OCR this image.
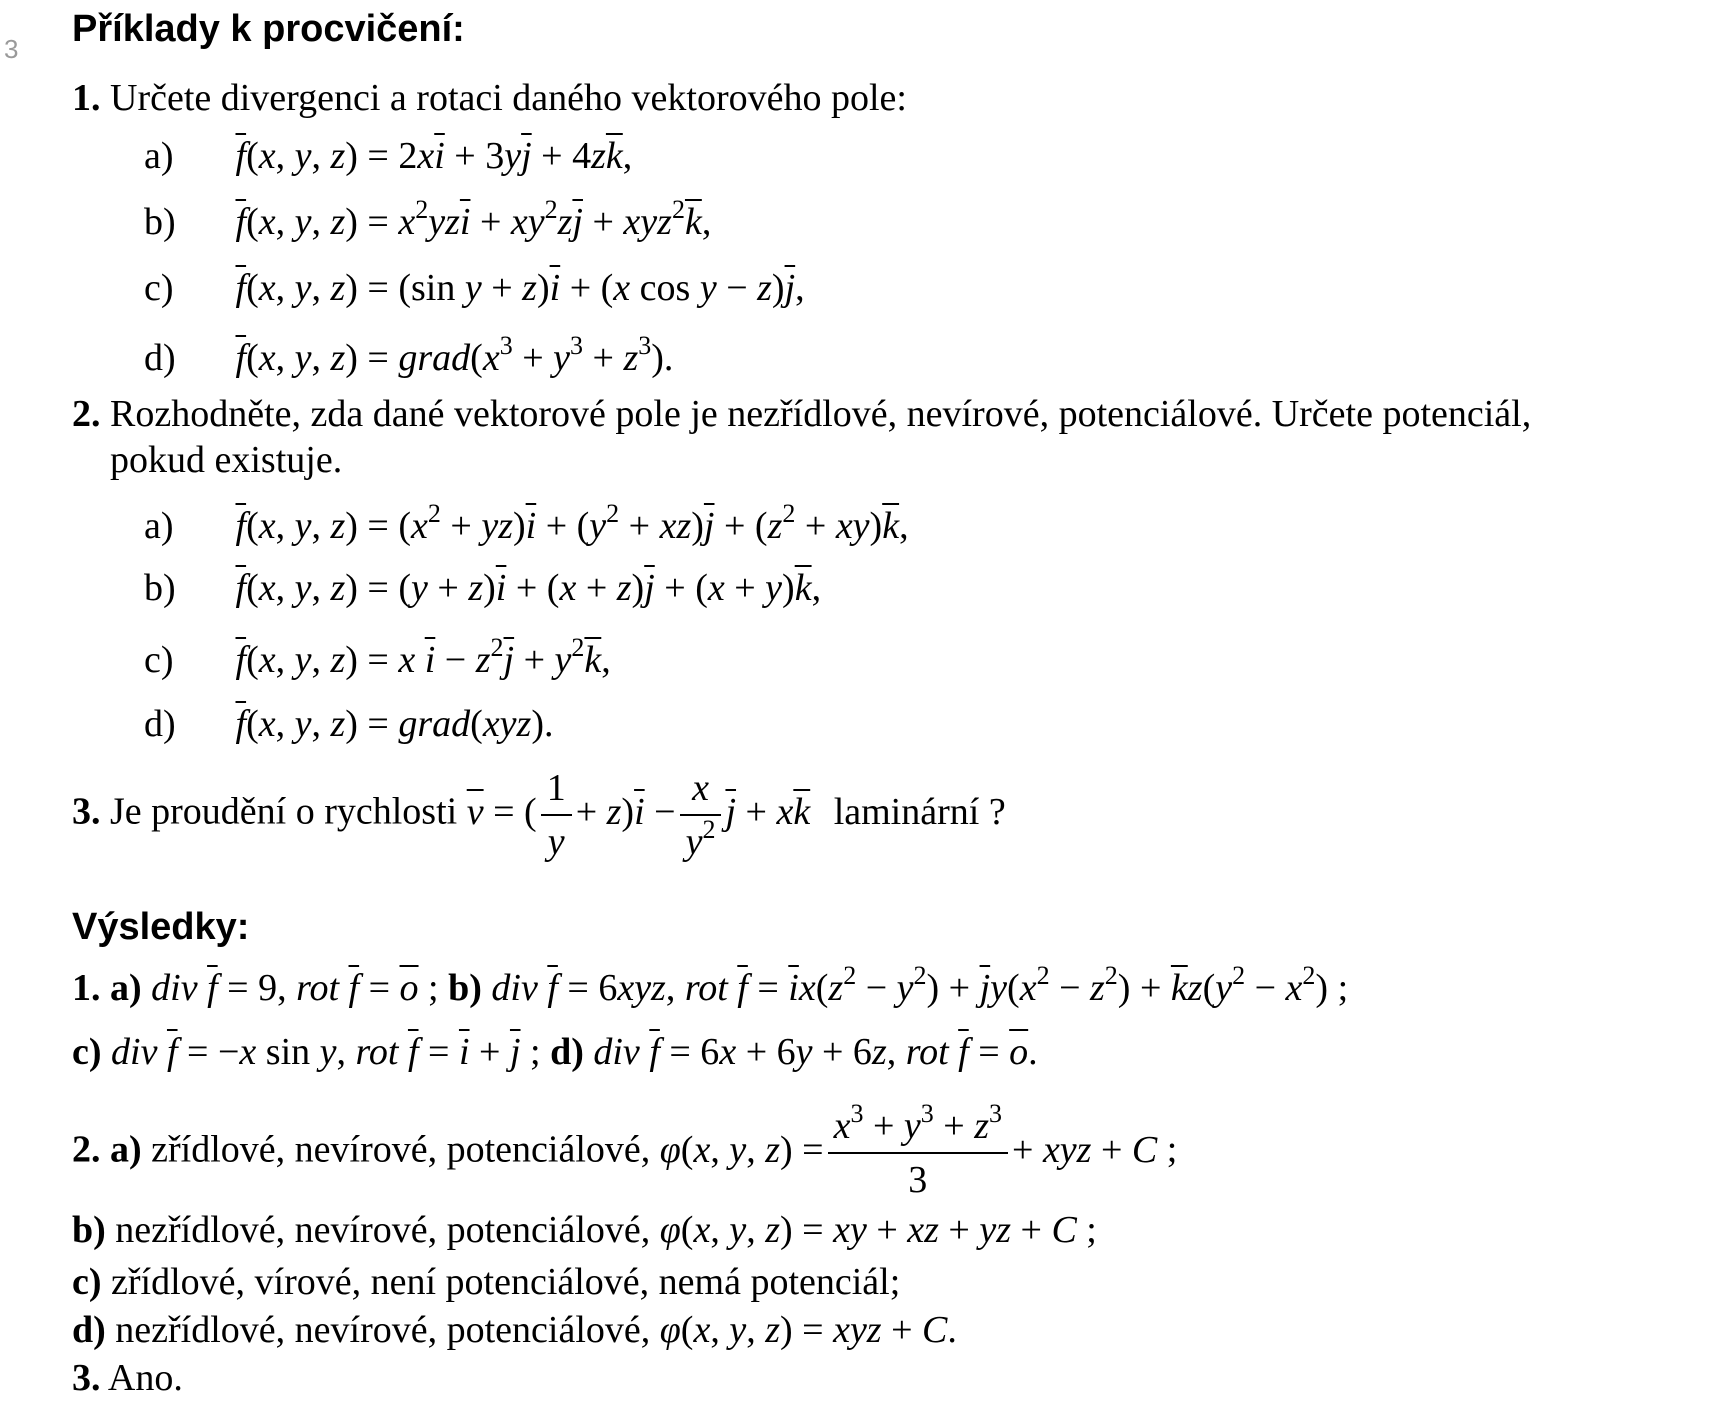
3 Příklady k procvičení:
1. Určete divergenci a rotaci daného vektorového pole:
a) $\overline{f}(x$, y, $z) = 2x\overline{i} + 3y\overline{j} + 4z\overline{k}$,
b) $\overline{f}(x$, y, $z) = x^2yz\overline{i} + xy^2z\overline{j} + xyz^2\overline{k}$,
c) $\overline{f}(x$, y, z) = (sin $y + z)\overline{i} + (x$ $\cos y - z)\overline{j}$,
d) $\overline{f}(x$, y, $z) = grad(x^3 + y^3 + z^3)$.
2. Rozhodněte, zda dané vektorové pole je nezřídlové, nevírové, potenciálové. Určete potenciál,
pokud existuje.
a) $\overline{f}(x$, y, $z) = (x^2 + yz)\overline{i} + (y^2 + xz)\overline{j} + (z^2 + xy)\overline{k}$,
b) $\overline{f}(x$, y, $z) = (y + z)\overline{i} + (x + z)\overline{j} + (x + y)\overline{k}$,
c) $\overline{f}(x$, y, z) = x $\overline{i} - z^2\overline{j} + y^2\overline{k}$,
d) $\overline{f}(x$, y, z) = grad(xyz).
3. Je proudění o rychlosti $\overline{v}$ = ( $\frac{1}{y} + z)\overline{i} - \frac{x}{y^2} \overline{j} + x\overline{k}$ laminární ?
Výsledky:
1. a) div $\overline{f} = 9$, rot $\overline{f} = \overline{o}$ ; b) div $\overline{f} = 6xyz$, rot $\overline{f} = \overline{i}x(z^2 - y^2) + \overline{j}y(x^2 - z^2) + \overline{k}z(y^2 - x^2)$ ;
c) div $\overline{f} = -x$ sin y, rot $\overline{f} = \overline{i} + \overline{j}$ ; d) div $\overline{f} = 6x + 6y + 6z$, rot $\overline{f} = \overline{o}$.
2. a) zřídlové, nevírové, potenciálové, φ(x, y, $z) = \frac{x^3 + y^3 + z^3}{3}$ + xyz + C ;
b) nezřídlové, nevírové, potenciálové, φ(x, y, z) = xy + xz + yz + C ;
c) zřídlové, vírové, není potenciálové, nemá potenciál;
d) nezřídlové, nevírové, potenciálové, φ(x, y, z) = xyz + C.
3. Ano.
